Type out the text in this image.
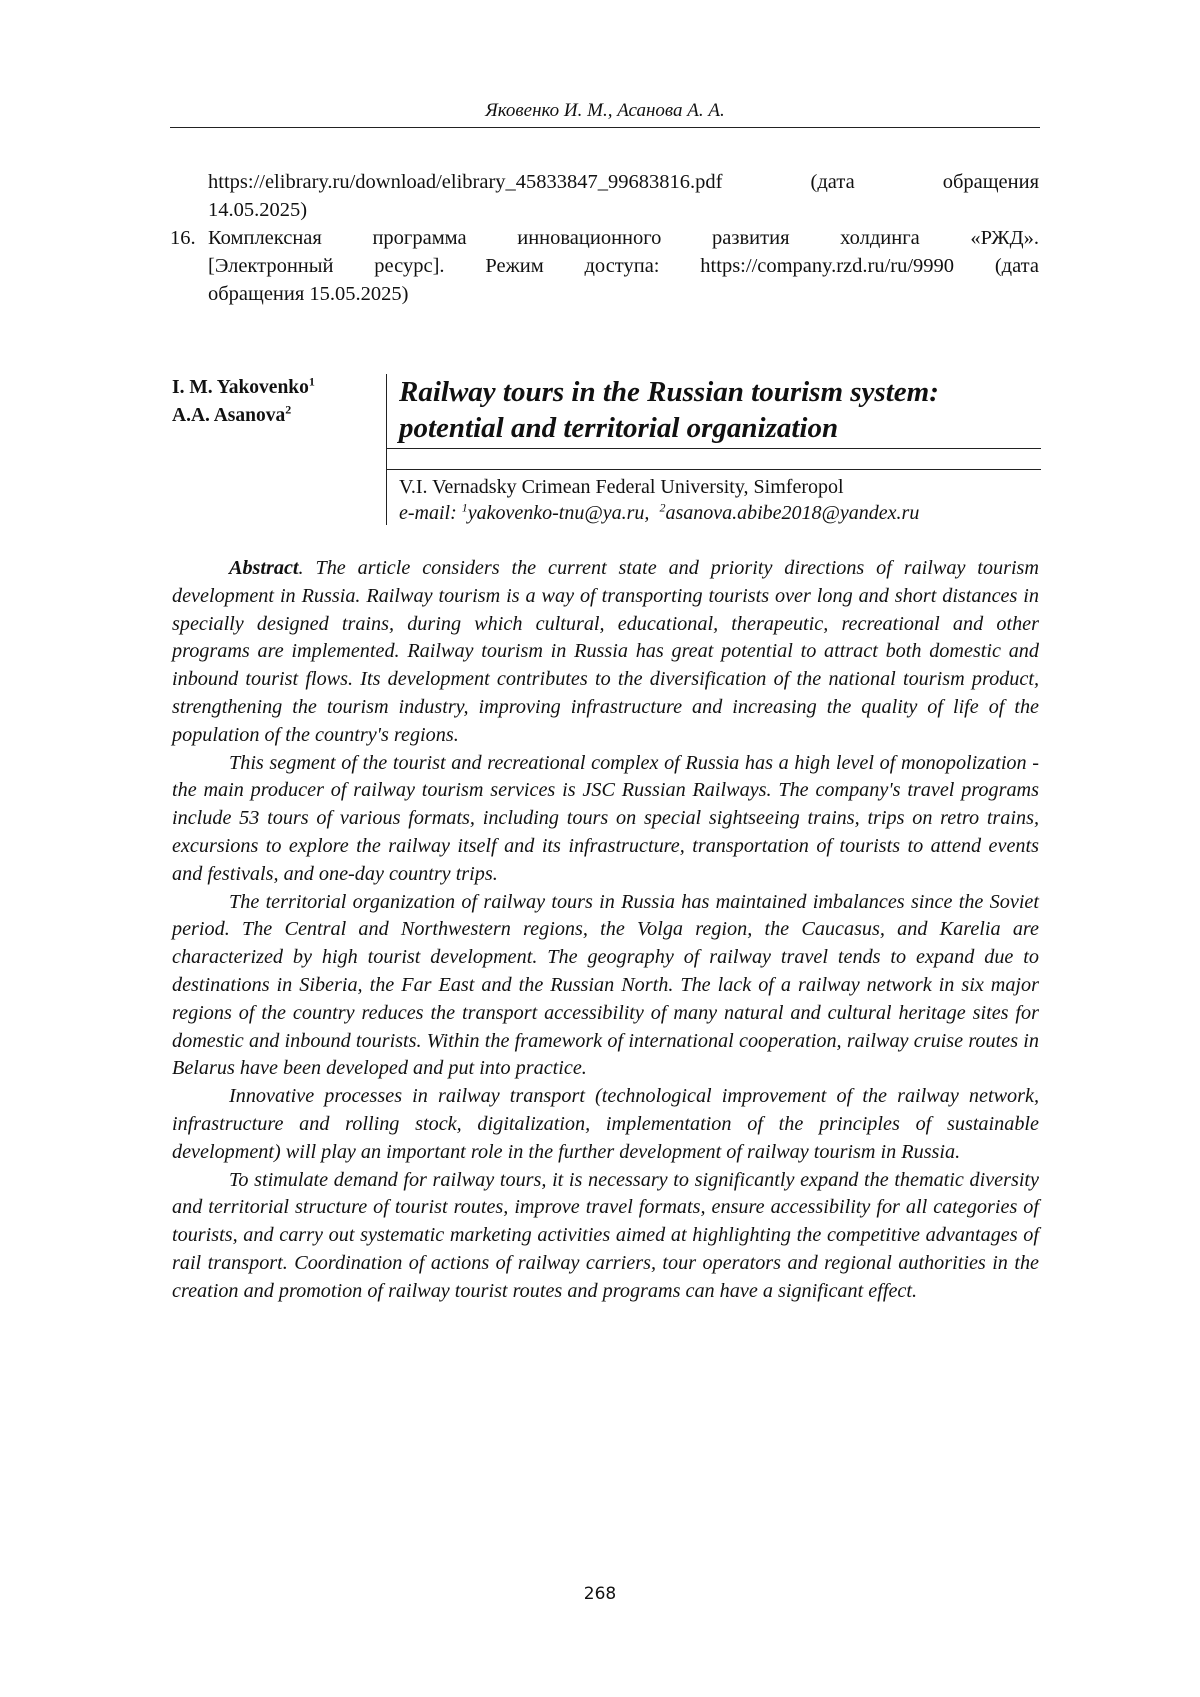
Яковенко И. М., Асанова А. А.
https://elibrary.ru/download/elibrary_45833847_99683816.pdf (дата обращения
14.05.2025)
16. Комплексная программа инновационного развития холдинга «РЖД».
[Электронный ресурс]. Режим доступа: https://company.rzd.ru/ru/9990 (дата
обращения 15.05.2025)
I. M. Yakovenko$^1$
A.A. Asanova$^2$
Railway tours in the Russian tourism system:
potential and territorial organization
V.I. Vernadsky Crimean Federal University, Simferopol
e-mail: $^1$yakovenko-tnu@ya.ru, $^2$asanova.abibe2018@yandex.ru

Abstract. The article considers the current state and priority directions of railway tourism development in Russia. Railway tourism is a way of transporting tourists over long and short distances in specially designed trains, during which cultural, educational, therapeutic, recreational and other programs are implemented. Railway tourism in Russia has great potential to attract both domestic and inbound tourist flows. Its development contributes to the diversification of the national tourism product, strengthening the tourism industry, improving infrastructure and increasing the quality of life of the population of the country's regions.

This segment of the tourist and recreational complex of Russia has a high level of monopolization - the main producer of railway tourism services is JSC Russian Railways. The company's travel programs include 53 tours of various formats, including tours on special sightseeing trains, trips on retro trains, excursions to explore the railway itself and its infrastructure, transportation of tourists to attend events and festivals, and one-day country trips.

The territorial organization of railway tours in Russia has maintained imbalances since the Soviet period. The Central and Northwestern regions, the Volga region, the Caucasus, and Karelia are characterized by high tourist development. The geography of railway travel tends to expand due to destinations in Siberia, the Far East and the Russian North. The lack of a railway network in six major regions of the country reduces the transport accessibility of many natural and cultural heritage sites for domestic and inbound tourists. Within the framework of international cooperation, railway cruise routes in Belarus have been developed and put into practice.

Innovative processes in railway transport (technological improvement of the railway network, infrastructure and rolling stock, digitalization, implementation of the principles of sustainable development) will play an important role in the further development of railway tourism in Russia.

To stimulate demand for railway tours, it is necessary to significantly expand the thematic diversity and territorial structure of tourist routes, improve travel formats, ensure accessibility for all categories of tourists, and carry out systematic marketing activities aimed at highlighting the competitive advantages of rail transport. Coordination of actions of railway carriers, tour operators and regional authorities in the creation and promotion of railway tourist routes and programs can have a significant effect.

268
